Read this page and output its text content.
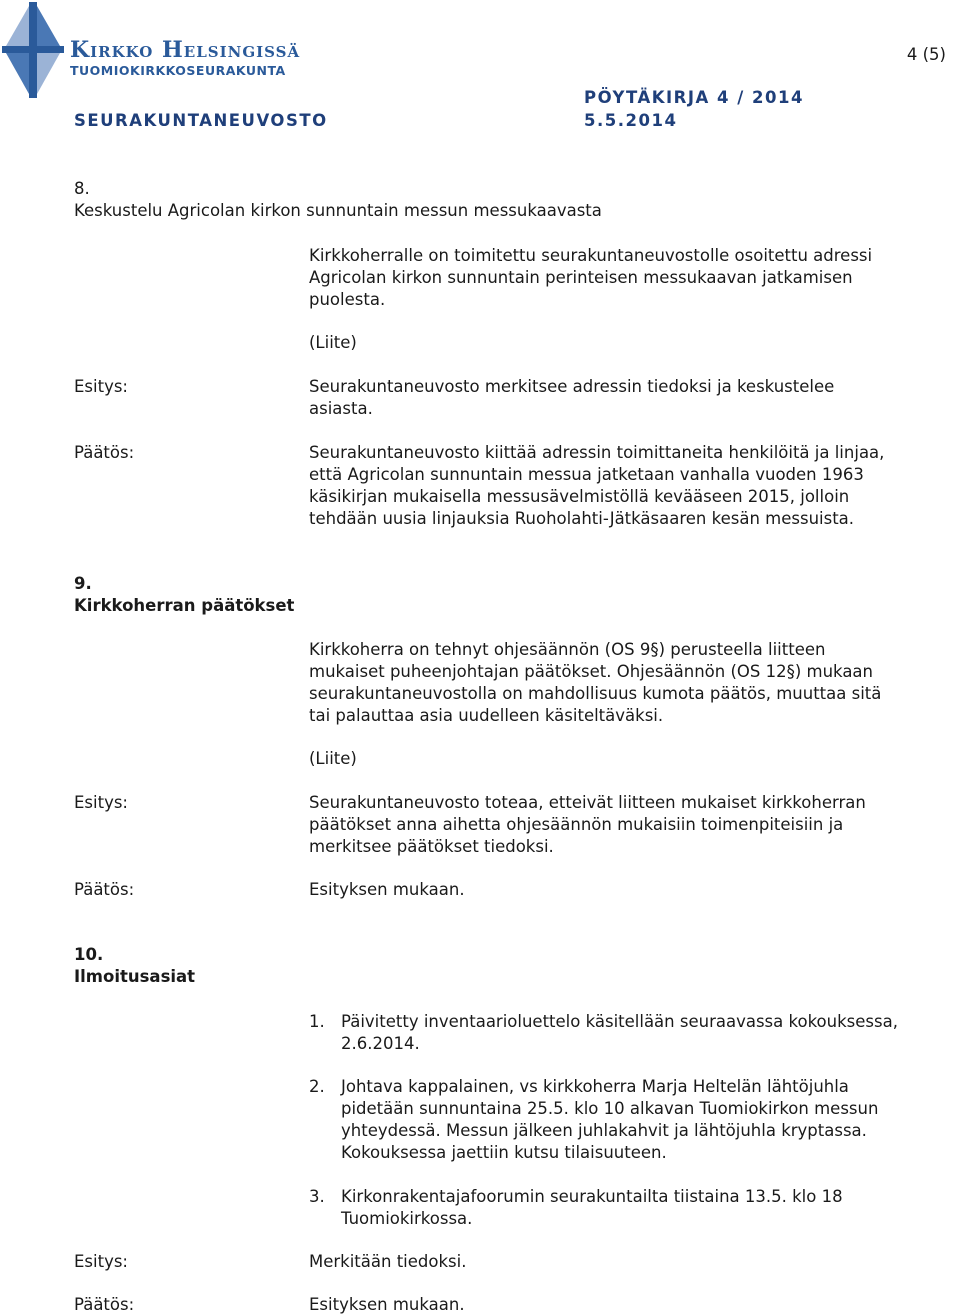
Kirkko Helsingissä
TUOMIOKIRKKOSEURAKUNTA
4 (5)
PÖYTÄKIRJA 4 / 2014
SEURAKUNTANEUVOSTO	5.5.2014
8.
Keskustelu Agricolan kirkon sunnuntain messun messukaavasta
Kirkkoherralle on toimitettu seurakuntaneuvostolle osoitettu adressi
Agricolan kirkon sunnuntain perinteisen messukaavan jatkamisen
puolesta.
(Liite)
Esitys:	Seurakuntaneuvosto merkitsee adressin tiedoksi ja keskustelee
asiasta.
Päätös:	Seurakuntaneuvosto kiittää adressin toimittaneita henkilöitä ja linjaa,
että Agricolan sunnuntain messua jatketaan vanhalla vuoden 1963
käsikirjan mukaisella messusävelmistöllä kevääseen 2015, jolloin
tehdään uusia linjauksia Ruoholahti-Jätkäsaaren kesän messuista.
9.
Kirkkoherran päätökset
Kirkkoherra on tehnyt ohjesäännön (OS 9§) perusteella liitteen
mukaiset puheenjohtajan päätökset. Ohjesäännön (OS 12§) mukaan
seurakuntaneuvostolla on mahdollisuus kumota päätös, muuttaa sitä
tai palauttaa asia uudelleen käsiteltäväksi.
(Liite)
Esitys:	Seurakuntaneuvosto toteaa, etteivät liitteen mukaiset kirkkoherran
päätökset anna aihetta ohjesäännön mukaisiin toimenpiteisiin ja
merkitsee päätökset tiedoksi.
Päätös:	Esityksen mukaan.
10.
Ilmoitusasiat
1. Päivitetty inventaarioluettelo käsitellään seuraavassa kokouksessa,
2.6.2014.
2. Johtava kappalainen, vs kirkkoherra Marja Heltelän lähtöjuhla
pidetään sunnuntaina 25.5. klo 10 alkavan Tuomiokirkon messun
yhteydessä. Messun jälkeen juhlakahvit ja lähtöjuhla kryptassa.
Kokouksessa jaettiin kutsu tilaisuuteen.
3. Kirkonrakentajafoorumin seurakuntailta tiistaina 13.5. klo 18
Tuomiokirkossa.
Esitys:	Merkitään tiedoksi.
Päätös:	Esityksen mukaan.
